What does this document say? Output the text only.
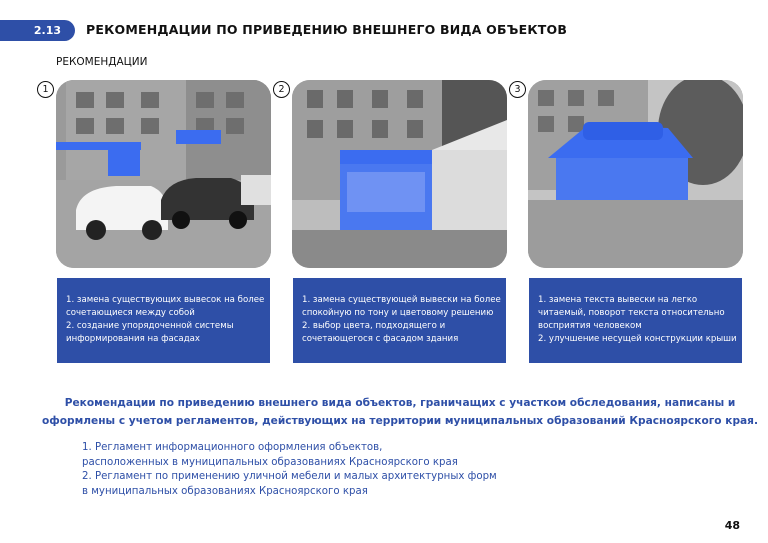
2.13	РЕКОМЕНДАЦИИ ПО ПРИВЕДЕНИЮ ВНЕШНЕГО ВИДА ОБЪЕКТОВ
РЕКОМЕНДАЦИИ
1
1. замена существующих вывесок на более
сочетающиеся между собой
2. создание упорядоченной системы
информирования на фасадах
2
1. замена существующей вывески на более
спокойную по тону и цветовому решению
2. выбор цвета, подходящего и
сочетающегося с фасадом здания
3
1. замена текста вывески на легко
читаемый, поворот текста относительно
восприятия человеком
2. улучшение несущей конструкции крыши
Рекомендации по приведению внешнего вида объектов, граничащих с участком обследования, написаны и
оформлены с учетом регламентов, действующих на территории муниципальных образований Красноярского края.
1. Регламент информационного оформления объектов,
расположенных в муниципальных образованиях Красноярского края
2. Регламент по применению уличной мебели и малых архитектурных форм
в муниципальных образованиях Красноярского края
48
